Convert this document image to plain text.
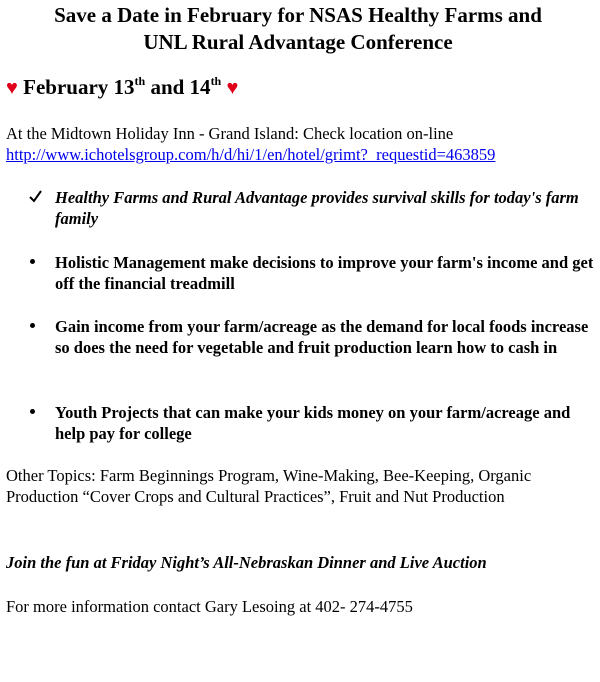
Save a Date in February for NSAS Healthy Farms and
UNL Rural Advantage Conference
♥ February 13th and 14th ♥
At the Midtown Holiday Inn - Grand Island: Check location on-line
http://www.ichotelsgroup.com/h/d/hi/1/en/hotel/grimt?_requestid=463859
Healthy Farms and Rural Advantage provides survival skills for today's farm family
Holistic Management make decisions to improve your farm's income and get off the financial treadmill
Gain income from your farm/acreage as the demand for local foods increase so does the need for vegetable and fruit production learn how to cash in
Youth Projects that can make your kids money on your farm/acreage and help pay for college
Other Topics: Farm Beginnings Program, Wine-Making, Bee-Keeping, Organic Production “Cover Crops and Cultural Practices”, Fruit and Nut Production
Join the fun at Friday Night’s All-Nebraskan Dinner and Live Auction
For more information contact Gary Lesoing at 402- 274-4755
